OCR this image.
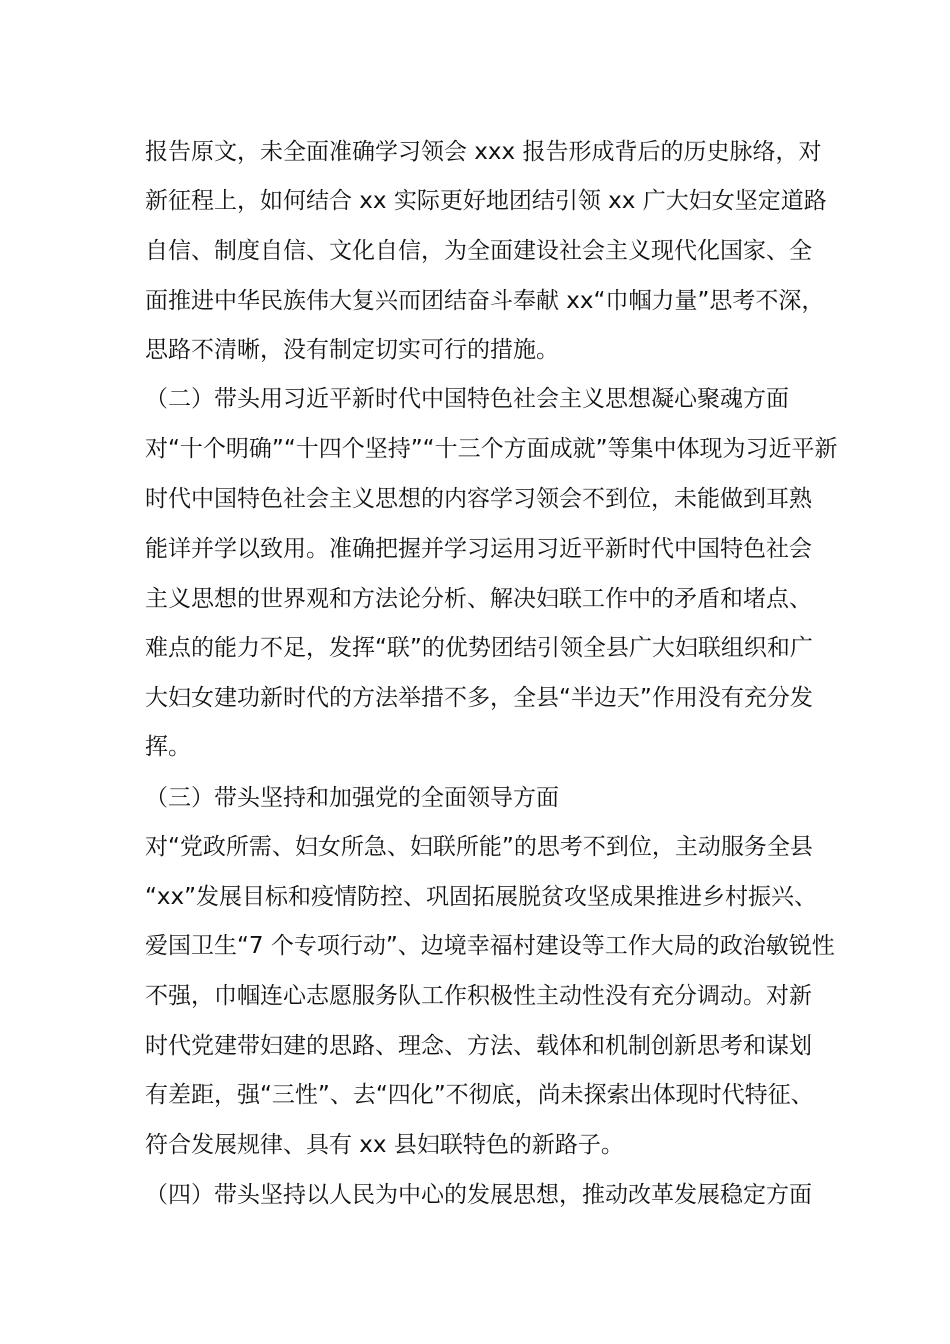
报告原文，未全面准确学习领会 xxx 报告形成背后的历史脉络，对
新征程上，如何结合 xx 实际更好地团结引领 xx 广大妇女坚定道路
自信、制度自信、文化自信，为全面建设社会主义现代化国家、全
面推进中华民族伟大复兴而团结奋斗奉献 xx“巾帼力量”思考不深，
思路不清晰，没有制定切实可行的措施。
（二）带头用习近平新时代中国特色社会主义思想凝心聚魂方面
对“十个明确”“十四个坚持”“十三个方面成就”等集中体现为习近平新
时代中国特色社会主义思想的内容学习领会不到位，未能做到耳熟
能详并学以致用。准确把握并学习运用习近平新时代中国特色社会
主义思想的世界观和方法论分析、解决妇联工作中的矛盾和堵点、
难点的能力不足，发挥“联”的优势团结引领全县广大妇联组织和广
大妇女建功新时代的方法举措不多，全县“半边天”作用没有充分发
挥。
（三）带头坚持和加强党的全面领导方面
对“党政所需、妇女所急、妇联所能”的思考不到位，主动服务全县
“xx”发展目标和疫情防控、巩固拓展脱贫攻坚成果推进乡村振兴、
爱国卫生“7 个专项行动”、边境幸福村建设等工作大局的政治敏锐性
不强，巾帼连心志愿服务队工作积极性主动性没有充分调动。对新
时代党建带妇建的思路、理念、方法、载体和机制创新思考和谋划
有差距，强“三性”、去“四化”不彻底，尚未探索出体现时代特征、
符合发展规律、具有 xx 县妇联特色的新路子。
（四）带头坚持以人民为中心的发展思想，推动改革发展稳定方面
